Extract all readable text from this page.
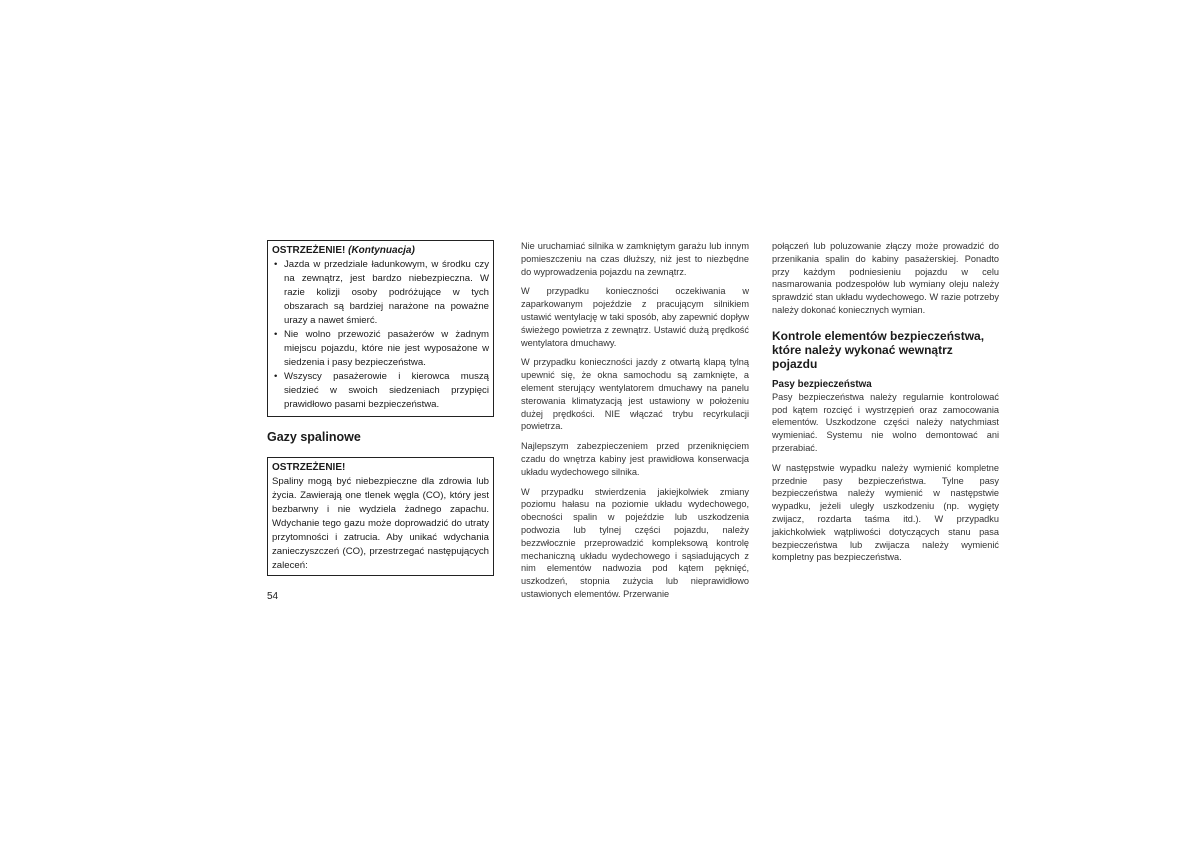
OSTRZEŻENIE! (Kontynuacja)
• Jazda w przedziale ładunkowym, w środku czy na zewnątrz, jest bardzo niebezpieczna. W razie kolizji osoby podróżujące w tych obszarach są bardziej narażone na poważne urazy a nawet śmierć.
• Nie wolno przewozić pasażerów w żadnym miejscu pojazdu, które nie jest wyposażone w siedzenia i pasy bezpieczeństwa.
• Wszyscy pasażerowie i kierowca muszą siedzieć w swoich siedzeniach przypięci prawidłowo pasami bezpieczeństwa.
Gazy spalinowe
OSTRZEŻENIE!

Spaliny mogą być niebezpieczne dla zdrowia lub życia. Zawierają one tlenek węgla (CO), który jest bezbarwny i nie wydziela żadnego zapachu. Wdychanie tego gazu może doprowadzić do utraty przytomności i zatrucia. Aby unikać wdychania zanieczyszczeń (CO), przestrzegać następujących zaleceń:

Nie uruchamiać silnika w zamkniętym garażu lub innym pomieszczeniu na czas dłuższy, niż jest to niezbędne do wyprowadzenia pojazdu na zewnątrz.

W przypadku konieczności oczekiwania w zaparkowanym pojeździe z pracującym silnikiem ustawić wentylację w taki sposób, aby zapewnić dopływ świeżego powietrza z zewnątrz. Ustawić dużą prędkość wentylatora dmuchawy.

W przypadku konieczności jazdy z otwartą klapą tylną upewnić się, że okna samochodu są zamknięte, a element sterujący wentylatorem dmuchawy na panelu sterowania klimatyzacją jest ustawiony w położeniu dużej prędkości. NIE włączać trybu recyrkulacji powietrza.

Najlepszym zabezpieczeniem przed przeniknięciem czadu do wnętrza kabiny jest prawidłowa konserwacja układu wydechowego silnika.

W przypadku stwierdzenia jakiejkolwiek zmiany poziomu hałasu na poziomie układu wydechowego, obecności spalin w pojeździe lub uszkodzenia podwozia lub tylnej części pojazdu, należy bezzwłocznie przeprowadzić kompleksową kontrolę mechaniczną układu wydechowego i sąsiadujących z nim elementów nadwozia pod kątem pęknięć, uszkodzeń, stopnia zużycia lub nieprawidłowo ustawionych elementów. Przerwanie

połączeń lub poluzowanie złączy może prowadzić do przenikania spalin do kabiny pasażerskiej. Ponadto przy każdym podniesieniu pojazdu w celu nasmarowania podzespołów lub wymiany oleju należy sprawdzić stan układu wydechowego. W razie potrzeby należy dokonać koniecznych wymian.

Kontrole elementów bezpieczeństwa, które należy wykonać wewnątrz pojazdu
Pasy bezpieczeństwa

Pasy bezpieczeństwa należy regularnie kontrolować pod kątem rozcięć i wystrzępień oraz zamocowania elementów. Uszkodzone części należy natychmiast wymieniać. Systemu nie wolno demontować ani przerabiać.

W następstwie wypadku należy wymienić kompletne przednie pasy bezpieczeństwa. Tylne pasy bezpieczeństwa należy wymienić w następstwie wypadku, jeżeli uległy uszkodzeniu (np. wygięty zwijacz, rozdarta taśma itd.). W przypadku jakichkolwiek wątpliwości dotyczących stanu pasa bezpieczeństwa lub zwijacza należy wymienić kompletny pas bezpieczeństwa.

54
